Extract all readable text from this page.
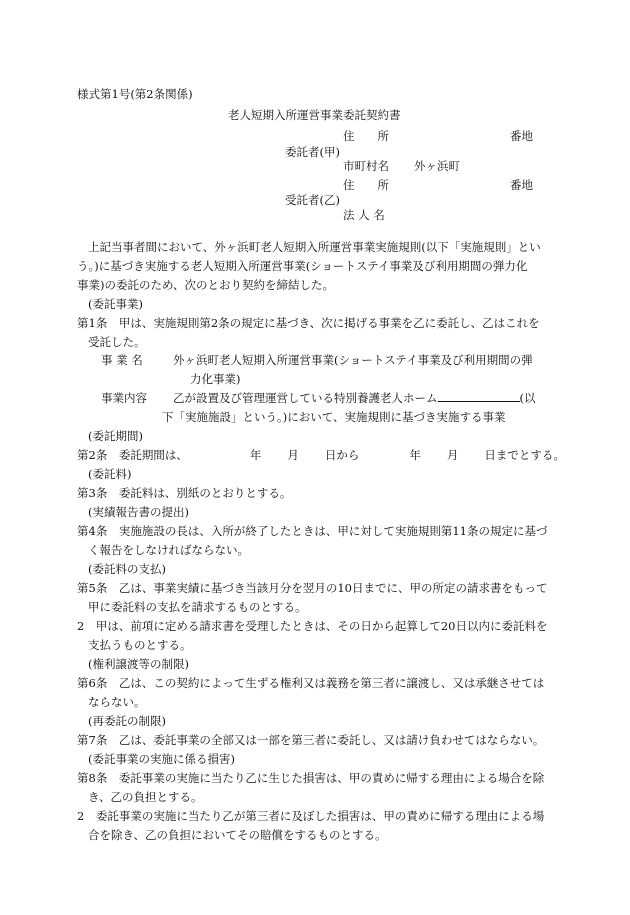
様式第1号(第2条関係)
老人短期入所運営事業委託契約書
住　　所	番地
委託者(甲)
市町村名 外ヶ浜町
住　　所	番地
受託者(乙)
法 人 名
上記当事者間において、外ヶ浜町老人短期入所運営事業実施規則(以下「実施規則」とい
う。)に基づき実施する老人短期入所運営事業(ショートステイ事業及び利用期間の弾力化
事業)の委託のため、次のとおり契約を締結した。
(委託事業)
第1条　甲は、実施規則第2条の規定に基づき、次に掲げる事業を乙に委託し、乙はこれを
受託した。
事 業 名	外ヶ浜町老人短期入所運営事業(ショートステイ事業及び利用期間の弾
力化事業)
事業内容 乙が設置及び管理運営している特別養護老人ホーム	(以
下「実施施設」という。)において、実施規則に基づき実施する事業
(委託期間)
第2条　委託期間は、	年 月 日から	年 月 日までとする。
(委託料)
第3条　委託料は、別紙のとおりとする。
(実績報告書の提出)
第4条　実施施設の長は、入所が終了したときは、甲に対して実施規則第11条の規定に基づ
く報告をしなければならない。
(委託料の支払)
第5条　乙は、事業実績に基づき当該月分を翌月の10日までに、甲の所定の請求書をもって
甲に委託料の支払を請求するものとする。
2　甲は、前項に定める請求書を受理したときは、その日から起算して20日以内に委託料を
支払うものとする。
(権利譲渡等の制限)
第6条　乙は、この契約によって生ずる権利又は義務を第三者に譲渡し、又は承継させては
ならない。
(再委託の制限)
第7条　乙は、委託事業の全部又は一部を第三者に委託し、又は請け負わせてはならない。
(委託事業の実施に係る損害)
第8条　委託事業の実施に当たり乙に生じた損害は、甲の責めに帰する理由による場合を除
き、乙の負担とする。
2　委託事業の実施に当たり乙が第三者に及ぼした損害は、甲の責めに帰する理由による場
合を除き、乙の負担においてその賠償をするものとする。
